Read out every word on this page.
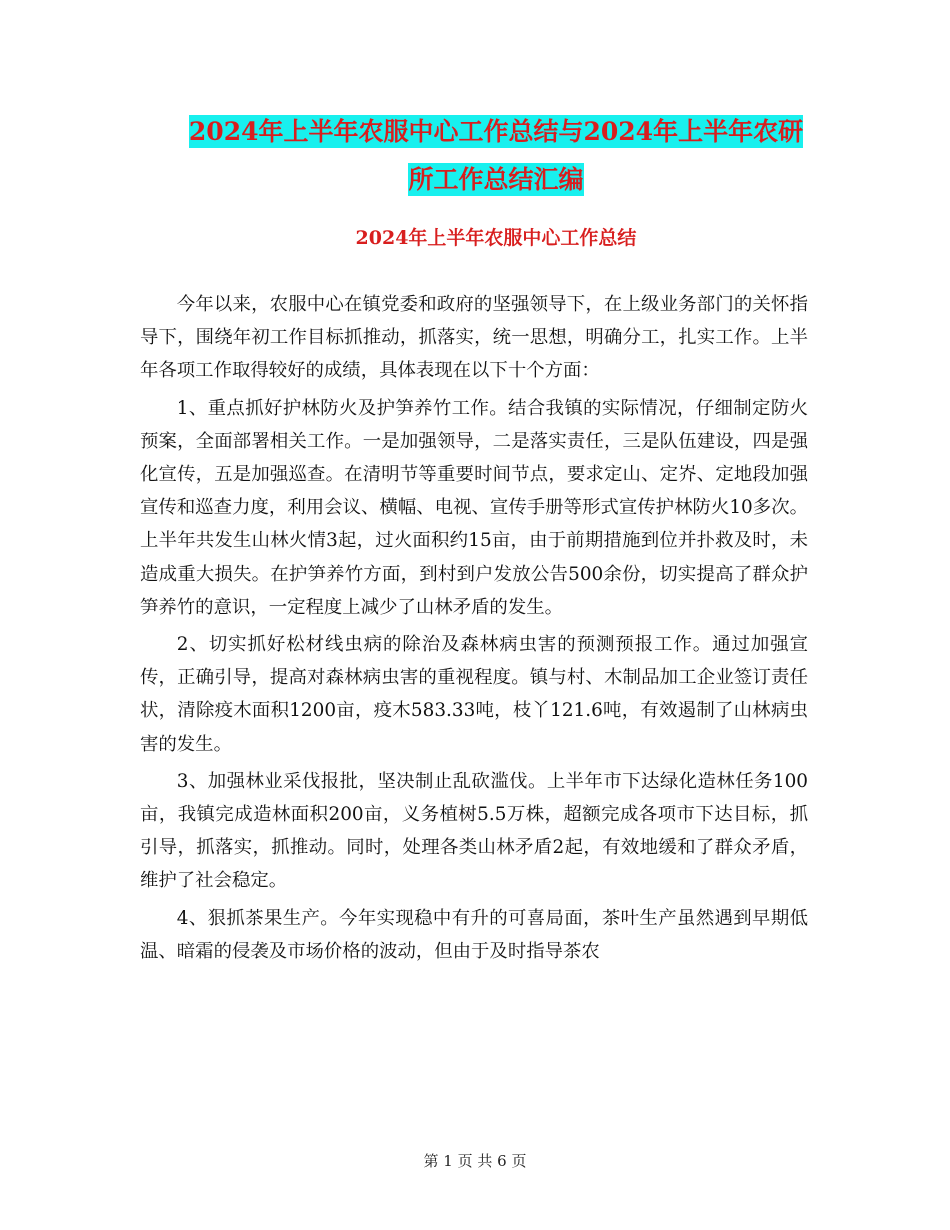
2024年上半年农服中心工作总结与2024年上半年农研
所工作总结汇编
2024年上半年农服中心工作总结

今年以来，农服中心在镇党委和政府的坚强领导下，在上级业务部门的关怀指导下，围绕年初工作目标抓推动，抓落实，统一思想，明确分工，扎实工作。上半年各项工作取得较好的成绩，具体表现在以下十个方面：

1、重点抓好护林防火及护笋养竹工作。结合我镇的实际情况，仔细制定防火预案，全面部署相关工作。一是加强领导，二是落实责任，三是队伍建设，四是强化宣传，五是加强巡查。在清明节等重要时间节点，要求定山、定岕、定地段加强宣传和巡查力度，利用会议、横幅、电视、宣传手册等形式宣传护林防火10多次。上半年共发生山林火情3起，过火面积约15亩，由于前期措施到位并扑救及时，未造成重大损失。在护笋养竹方面，到村到户发放公告500余份，切实提高了群众护笋养竹的意识，一定程度上减少了山林矛盾的发生。

2、切实抓好松材线虫病的除治及森林病虫害的预测预报工作。通过加强宣传，正确引导，提高对森林病虫害的重视程度。镇与村、木制品加工企业签订责任状，清除疫木面积1200亩，疫木583.33吨，枝丫121.6吨，有效遏制了山林病虫害的发生。

3、加强林业采伐报批，坚决制止乱砍滥伐。上半年市下达绿化造林任务100亩，我镇完成造林面积200亩，义务植树5.5万株，超额完成各项市下达目标，抓引导，抓落实，抓推动。同时，处理各类山林矛盾2起，有效地缓和了群众矛盾，维护了社会稳定。

4、狠抓茶果生产。今年实现稳中有升的可喜局面，茶叶生产虽然遇到早期低温、暗霜的侵袭及市场价格的波动，但由于及时指导茶农

第 1 页 共 6 页
